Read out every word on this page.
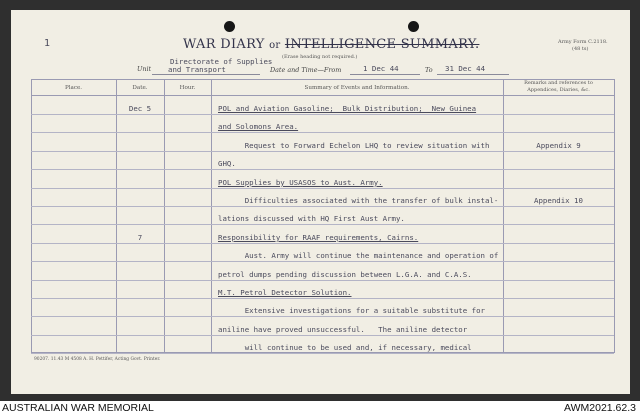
1	WAR DIARY or INTELLIGENCE SUMMARY.
(Erase heading not required.)
Army Form C.2118.
(48 ts)
Unit
Directorate of Supplies
and Transport	Date and Time—From	1 Dec 44	To 31 Dec 44
Place.	Date.	Hour.	Summary of Events and Information.
Remarks and references to
Appendices, Diaries, &c.
Dec 5	POL and Aviation Gasoline;  Bulk Distribution;  New Guinea
and Solomons Area.
Request to Forward Echelon LHQ to review situation with	Appendix 9
GHQ.
POL Supplies by USASOS to Aust. Army.
Difficulties associated with the transfer of bulk instal-	Appendix 10
lations discussed with HQ First Aust Army.
7	Responsibility for RAAF requirements, Cairns.
Aust. Army will continue the maintenance and operation of
petrol dumps pending discussion between L.G.A. and C.A.S.
M.T. Petrol Detector Solution.
Extensive investigations for a suitable substitute for
aniline have proved unsuccessful.   The aniline detector
will continue to be used and, if necessary, medical
90207. 11.43 M 4508 A. H. Pettifer, Acting Govt. Printer.
AUSTRALIAN WAR MEMORIAL	AWM2021.62.3
